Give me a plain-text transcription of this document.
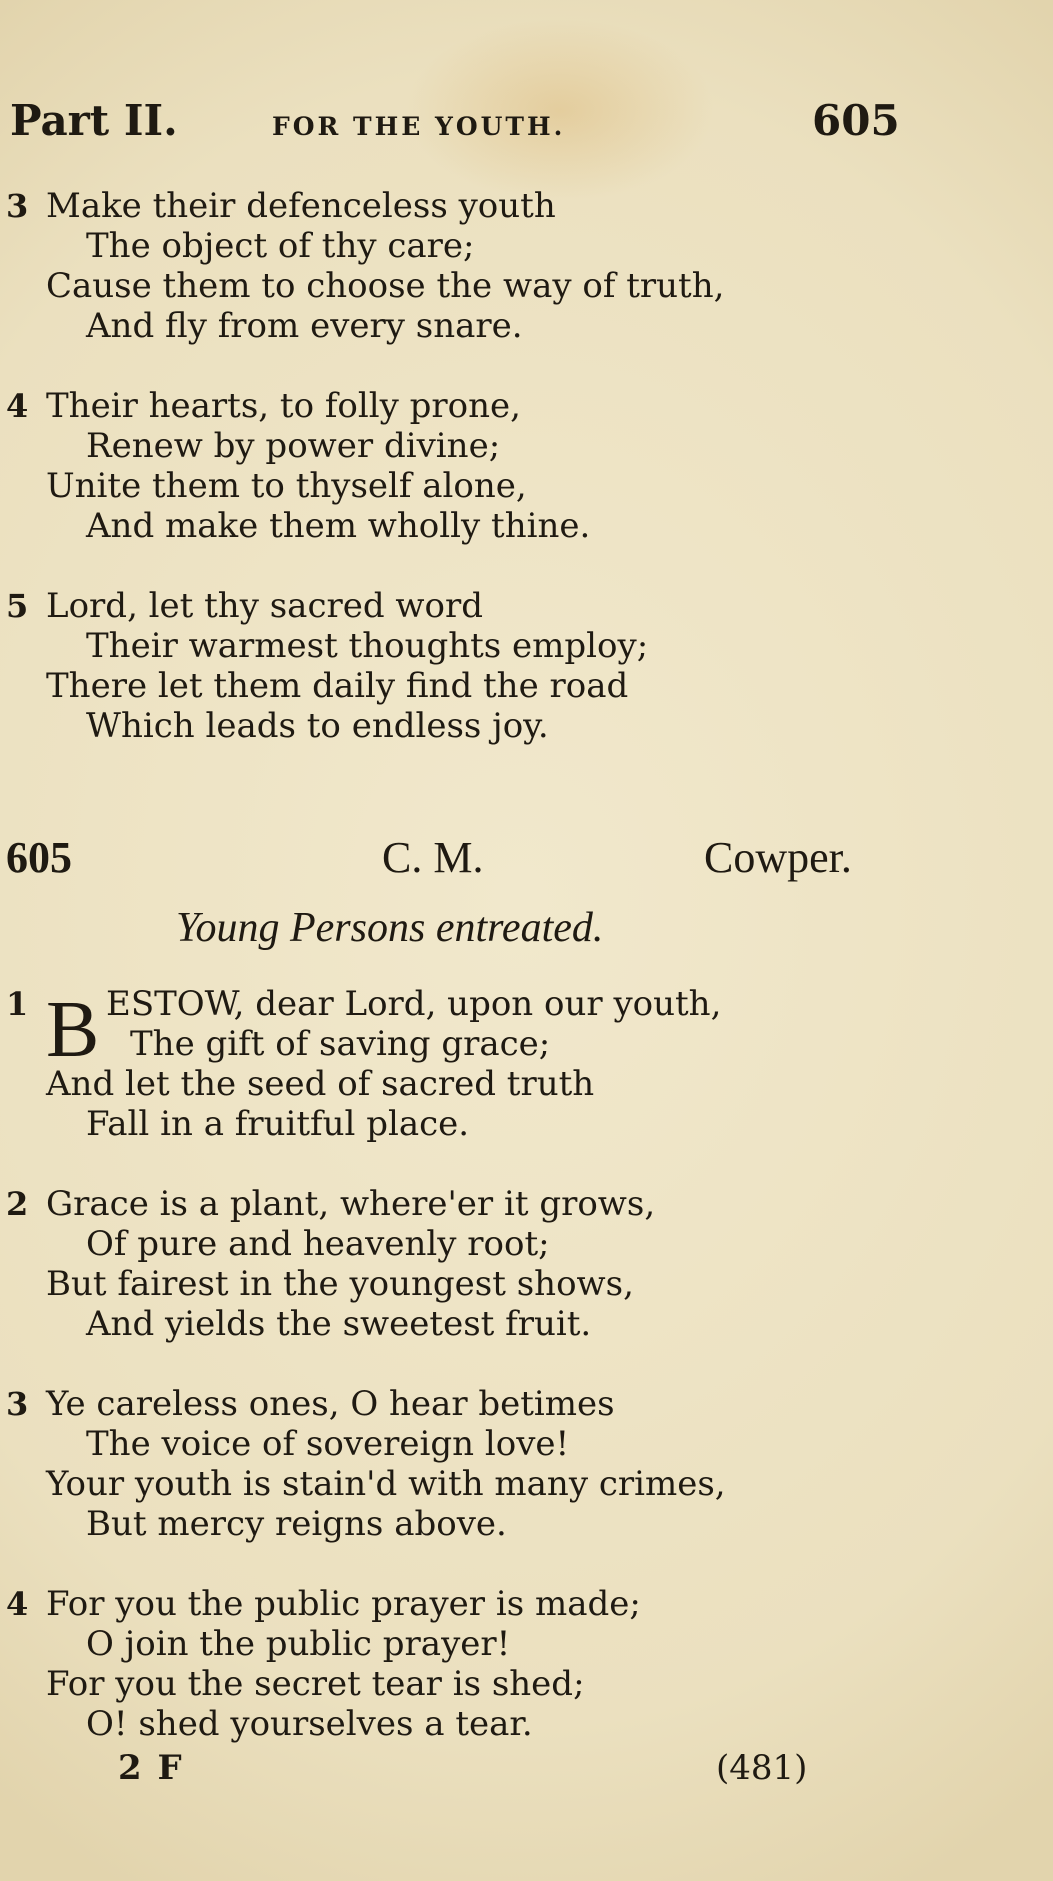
Part II.	FOR THE YOUTH.	605
3 Make their defenceless youth
The object of thy care;
Cause them to choose the way of truth,
And fly from every snare.
4 Their hearts, to folly prone,
Renew by power divine;
Unite them to thyself alone,
And make them wholly thine.
5 Lord, let thy sacred word
Their warmest thoughts employ;
There let them daily find the road
Which leads to endless joy.
605	C. M.	Cowper.
Young Persons entreated.
B
1 ESTOW, dear Lord, upon our youth,
The gift of saving grace;
And let the seed of sacred truth
Fall in a fruitful place.
2 Grace is a plant, where'er it grows,
Of pure and heavenly root;
But fairest in the youngest shows,
And yields the sweetest fruit.
3 Ye careless ones, O hear betimes
The voice of sovereign love!
Your youth is stain'd with many crimes,
But mercy reigns above.
4 For you the public prayer is made;
O join the public prayer!
For you the secret tear is shed;
O! shed yourselves a tear.
2 F	(481)
